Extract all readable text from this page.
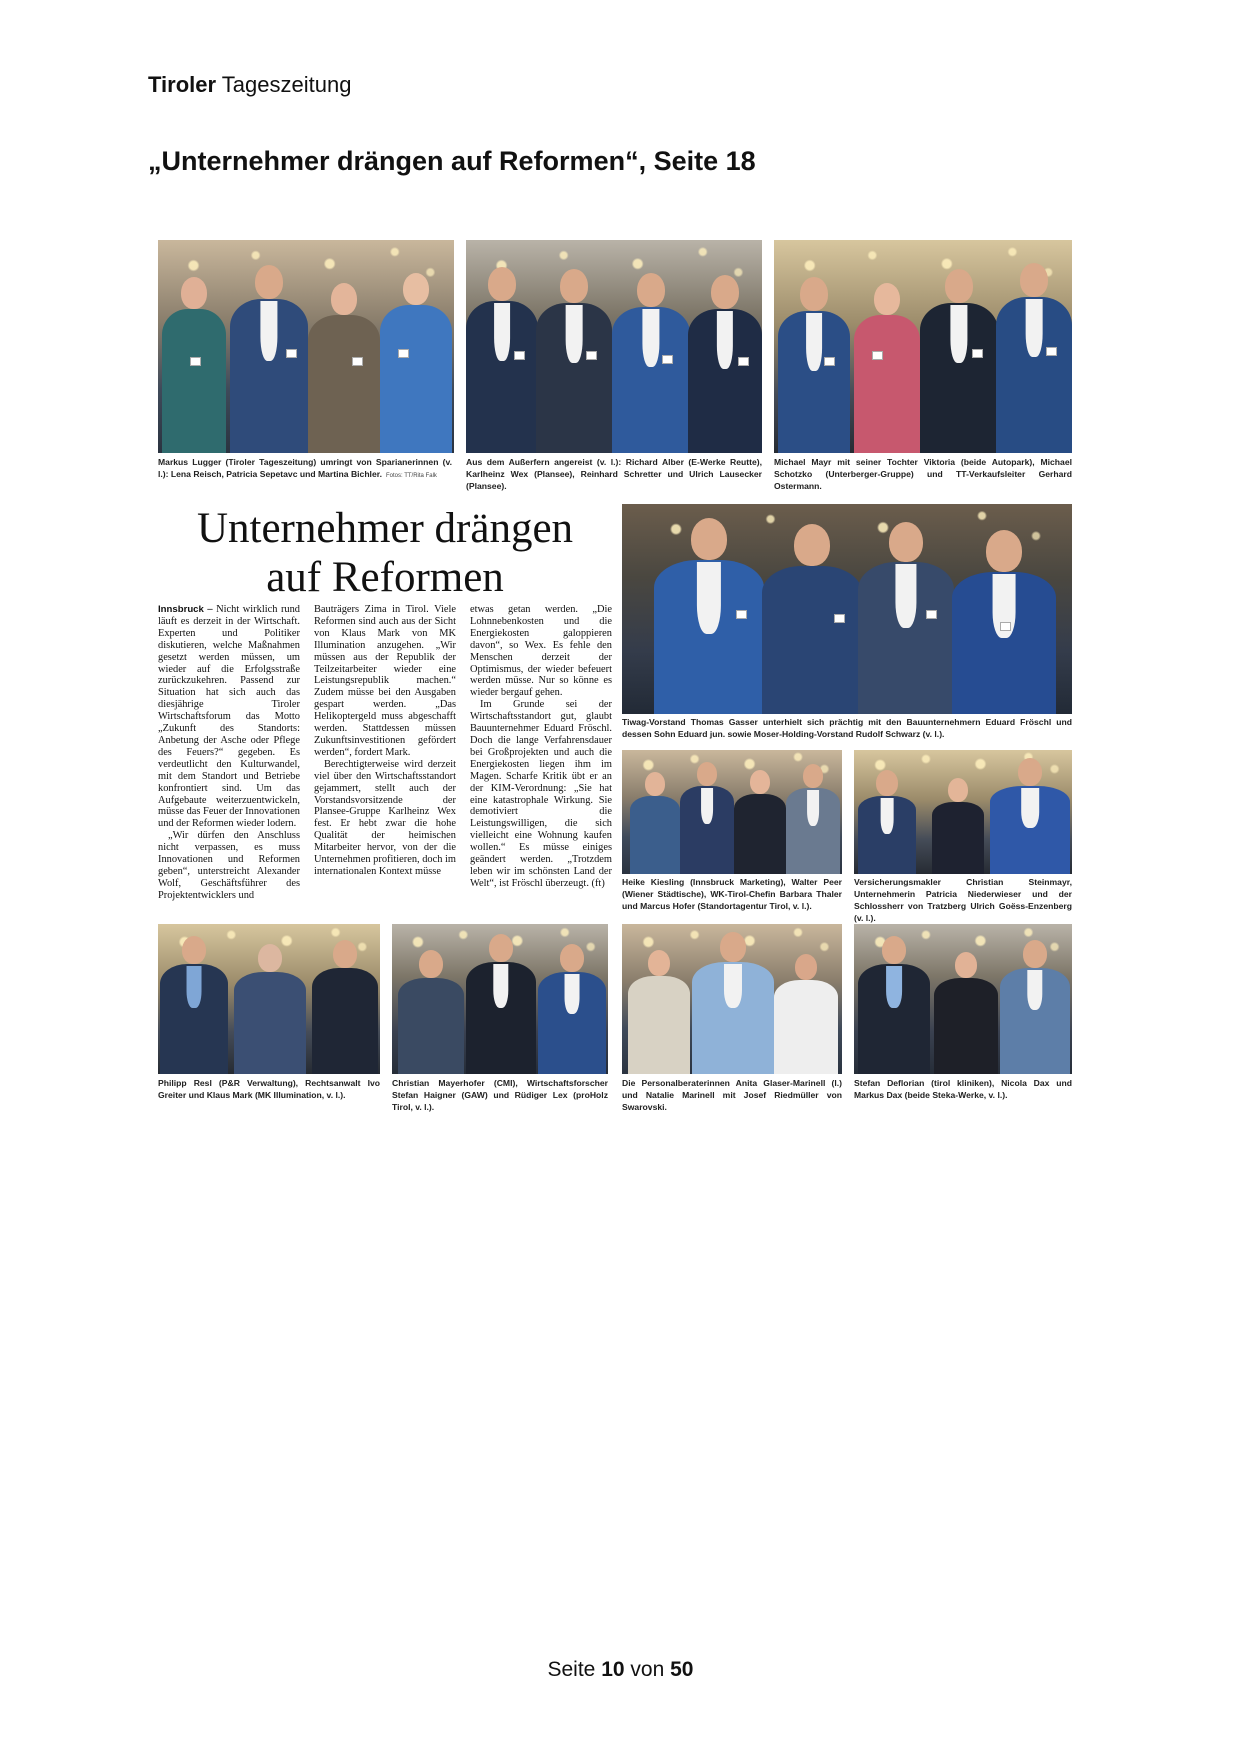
Tiroler Tageszeitung
„Unternehmer drängen auf Reformen“, Seite 18
Markus Lugger (Tiroler Tageszeitung) umringt von Sparianerinnen (v. l.): Lena Reisch, Patricia Sepetavc und Martina Bichler. Fotos: TT/Rita Falk
Aus dem Außerfern angereist (v. l.): Richard Alber (E-Werke Reutte), Karlheinz Wex (Plansee), Reinhard Schretter und Ulrich Lausecker (Plansee).
Michael Mayr mit seiner Tochter Viktoria (beide Autopark), Michael Schotzko (Unterberger-Gruppe) und TT-Verkaufsleiter Gerhard Ostermann.
Unternehmer drängen
auf Reformen

Innsbruck – Nicht wirklich rund läuft es derzeit in der Wirtschaft. Experten und Politiker diskutieren, welche Maßnahmen gesetzt werden müssen, um wieder auf die Erfolgsstraße zurückzukehren. Passend zur Situation hat sich auch das diesjährige Tiroler Wirtschaftsforum das Motto „Zukunft des Standorts: Anbetung der Asche oder Pflege des Feuers?“ gegeben. Es verdeutlicht den Kulturwandel, mit dem Standort und Betriebe konfrontiert sind. Um das Aufgebaute weiterzuentwickeln, müsse das Feuer der Innovationen und der Reformen wieder lodern.

„Wir dürfen den Anschluss nicht verpassen, es muss Innovationen und Reformen geben“, unterstreicht Alexander Wolf, Geschäftsführer des Projektentwicklers und

Bauträgers Zima in Tirol. Viele Reformen sind auch aus der Sicht von Klaus Mark von MK Illumination anzugehen. „Wir müssen aus der Republik der Teilzeitarbeiter wieder eine Leistungsrepublik machen.“ Zudem müsse bei den Ausgaben gespart werden. „Das Helikoptergeld muss abgeschafft werden. Stattdessen müssen Zukunftsinvestitionen gefördert werden“, fordert Mark.

Berechtigterweise wird derzeit viel über den Wirtschaftsstandort gejammert, stellt auch der Vorstandsvorsitzende der Plansee-Gruppe Karlheinz Wex fest. Er hebt zwar die hohe Qualität der heimischen Mitarbeiter hervor, von der die Unternehmen profitieren, doch im internationalen Kontext müsse

etwas getan werden. „Die Lohnnebenkosten und die Energiekosten galoppieren davon“, so Wex. Es fehle den Menschen derzeit der Optimismus, der wieder befeuert werden müsse. Nur so könne es wieder bergauf gehen.

Im Grunde sei der Wirtschaftsstandort gut, glaubt Bauunternehmer Eduard Fröschl. Doch die lange Verfahrensdauer bei Großprojekten und auch die Energiekosten liegen ihm im Magen. Scharfe Kritik übt er an der KIM-Verordnung: „Sie hat eine katastrophale Wirkung. Sie demotiviert die Leistungswilligen, die sich vielleicht eine Wohnung kaufen wollen.“ Es müsse einiges geändert werden. „Trotzdem leben wir im schönsten Land der Welt“, ist Fröschl überzeugt. (ft)

Tiwag-Vorstand Thomas Gasser unterhielt sich prächtig mit den Bauunternehmern Eduard Fröschl und dessen Sohn Eduard jun. sowie Moser-Holding-Vorstand Rudolf Schwarz (v. l.).
Heike Kiesling (Innsbruck Marketing), Walter Peer (Wiener Städtische), WK-Tirol-Chefin Barbara Thaler und Marcus Hofer (Standortagentur Tirol, v. l.).
Versicherungsmakler Christian Steinmayr, Unternehmerin Patricia Niederwieser und der Schlossherr von Tratzberg Ulrich Goëss-Enzenberg (v. l.).
Philipp Resl (P&R Verwaltung), Rechtsanwalt Ivo Greiter und Klaus Mark (MK Illumination, v. l.).
Christian Mayerhofer (CMI), Wirtschaftsforscher Stefan Haigner (GAW) und Rüdiger Lex (proHolz Tirol, v. l.).
Die Personalberaterinnen Anita Glaser-Marinell (l.) und Natalie Marinell mit Josef Riedmüller von Swarovski.
Stefan Deflorian (tirol kliniken), Nicola Dax und Markus Dax (beide Steka-Werke, v. l.).
Seite 10 von 50
